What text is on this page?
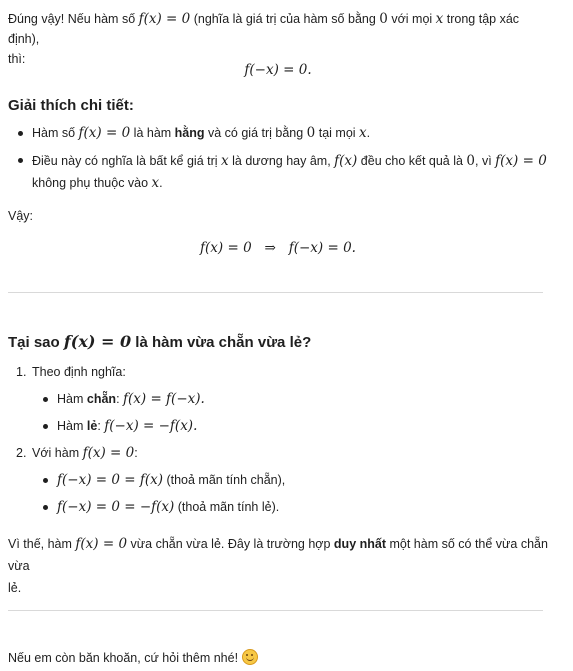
Đúng vậy! Nếu hàm số f(x) = 0 (nghĩa là giá trị của hàm số bằng 0 với mọi x trong tập xác định),
thì:
f(−x) = 0.
Giải thích chi tiết:
Hàm số f(x) = 0 là hàm hằng và có giá trị bằng 0 tại mọi x.
Điều này có nghĩa là bất kể giá trị x là dương hay âm, f(x) đều cho kết quả là 0, vì f(x) = 0
không phụ thuộc vào x.
Vậy:
f(x) = 0   ⇒   f(−x) = 0.
Tại sao f(x) = 0 là hàm vừa chẵn vừa lẻ?
1. Theo định nghĩa:
Hàm chẵn: f(x) = f(−x).
Hàm lẻ: f(−x) = −f(x).
2. Với hàm f(x) = 0:
f(−x) = 0 = f(x) (thoả mãn tính chẵn),
f(−x) = 0 = −f(x) (thoả mãn tính lẻ).
Vì thế, hàm f(x) = 0 vừa chẵn vừa lẻ. Đây là trường hợp duy nhất một hàm số có thể vừa chẵn vừa
lẻ.
Nếu em còn băn khoăn, cứ hỏi thêm nhé!
